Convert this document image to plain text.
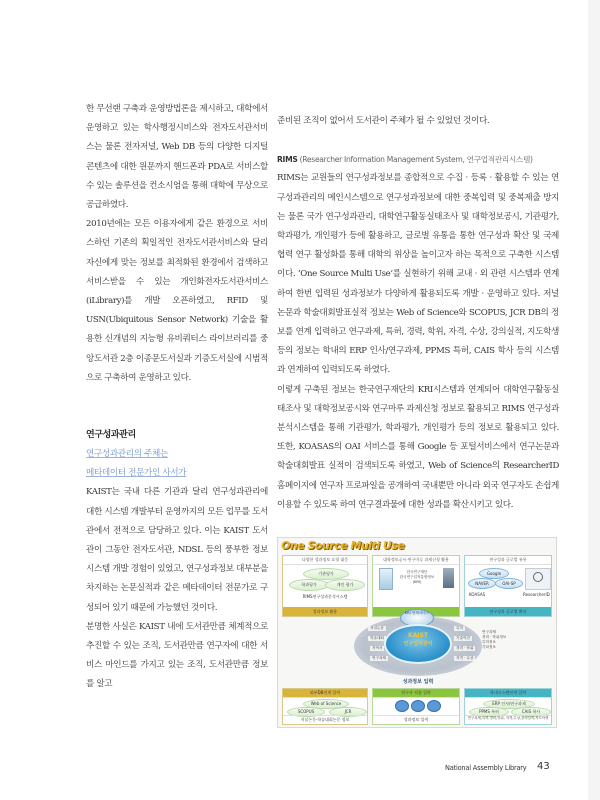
한 무선랜 구축과 운영방법론을 제시하고, 대학에서 운영하고 있는 학사행정시비스와 전자도서관서비스는 물론 전자저널, Web DB 등의 다양한 디지털 콘텐츠에 대한 원문까지 핸드폰과 PDA로 서비스할 수 있는 솔루션을 컨소시엄을 통해 대학에 무상으로 공급하였다.

2010년에는 모든 이용자에게 같은 환경으로 서비스하던 기존의 획일적인 전자도서관서비스와 달리 자신에게 맞는 정보를 최적화된 환경에서 검색하고 서비스받을 수 있는 개인화전자도서관서비스(iLibrary)를 개발 오픈하였고, RFID 및 USN(Ubiquitous Sensor Network) 기술을 활용한 신개념의 지능형 유비쿼터스 라이브러리를 중앙도서관 2층 이종문도서실과 기증도서실에 시범적으로 구축하여 운영하고 있다.

연구성과관리

연구성과관리의 주체는

메타데이터 전문가인 사서가

KAIST는 국내 다른 기관과 달리 연구성과관리에 대한 시스템 개발부터 운영까지의 모든 업무를 도서관에서 전적으로 담당하고 있다. 이는 KAIST 도서관이 그동안 전자도서관, NDSL 등의 풍부한 정보시스템 개발 경험이 있었고, 연구성과정보 대부분을 차지하는 논문실적과 같은 메타데이터 전문가로 구성되어 있기 때문에 가능했던 것이다.

분명한 사실은 KAIST 내에 도서관만큼 체계적으로 추진할 수 있는 조직, 도서관만큼 연구자에 대한 서비스 마인드를 가지고 있는 조직, 도서관만큼 정보를 알고

준비된 조직이 없어서 도서관이 주체가 될 수 있었던 것이다.

RIMS (Researcher Information Management System, 연구업적관리시스템)

RIMS는 교원들의 연구성과정보를 종합적으로 수집 · 등록 · 활용할 수 있는 연구성과관리의 메인시스템으로 연구성과정보에 대한 중복입력 및 중복제출 방지는 물론 국가 연구성과관리, 대학연구활동실태조사 및 대학정보공시, 기관평가, 학과평가, 개인평가 등에 활용하고, 글로벌 유통을 통한 연구성과 확산 및 국제 협력 연구 활성화를 통해 대학의 위상을 높이고자 하는 목적으로 구축한 시스템이다. ‘One Source Multi Use’를 실현하기 위해 교내 · 외 관련 시스템과 연계하여 한번 입력된 성과정보가 다양하게 활용되도록 개발 · 운영하고 있다. 저널논문과 학술대회발표실적 정보는 Web of Science와 SCOPUS, JCR DB의 정보를 연계 입력하고 연구과제, 특허, 경력, 학위, 자격, 수상, 강의실적, 지도학생 등의 정보는 학내의 ERP 인사/연구과제, PPMS 특허, CAIS 학사 등의 시스템과 연계하여 입력되도록 하였다.

이렇게 구축된 정보는 한국연구재단의 KRI시스템과 연계되어 대학연구활동실태조사 및 대학정보공시와 연구마루 과제신청 정보로 활용되고 RIMS 연구성과 분석시스템을 통해 기관평가, 학과평가, 개인평가 등의 정보로 활용되고 있다. 또한, KOASAS의 OAI 서비스를 통해 Google 등 포털서비스에서 연구논문과 학술대회발표 실적이 검색되도록 하였고, Web of Science의 ResearcherID 홈페이지에 연구자 프로파일을 공개하여 국내뿐만 아니라 외국 연구자도 손쉽게 이용할 수 있도록 하여 연구결과물에 대한 성과를 확산시키고 있다.

One Source Multi Use
다양한 성과정보 요청 대응
기관평가
학과평가	개인 평가
RIMS연구성과분석시스템
성과정보 활용
대학정보공시·연구마루 과제신청 활용
한국연구재단
한국연구업적통합정보
(KRI)
연구성과 글로벌 유통
Google
NAVER	OAI-SP
KOASAS	ResearcherID
연구성과 글로벌 확산
KRI 연계서비스
KAIST
연구업적관리
저널논문
학술대회
저역서
연구과제
특허
기술이전
경력 · 학위
자격 · 수상
연구과제
경력 · 학위정보
특허정보
기타정보
성과정보 입력
외부DB연계 입력
Web of Science
SCOPUS	JCR
저널논문·학술대회논문 정보
연구자 직접 입력
성과정보 입력
학내시스템연계 입력
ERP 인사/연구과제
PPMS 특허	CAIS 학사
연구과제,특허,경력,학위, 자격,수상,강의실적,지도학생
National Assembly Library 43
